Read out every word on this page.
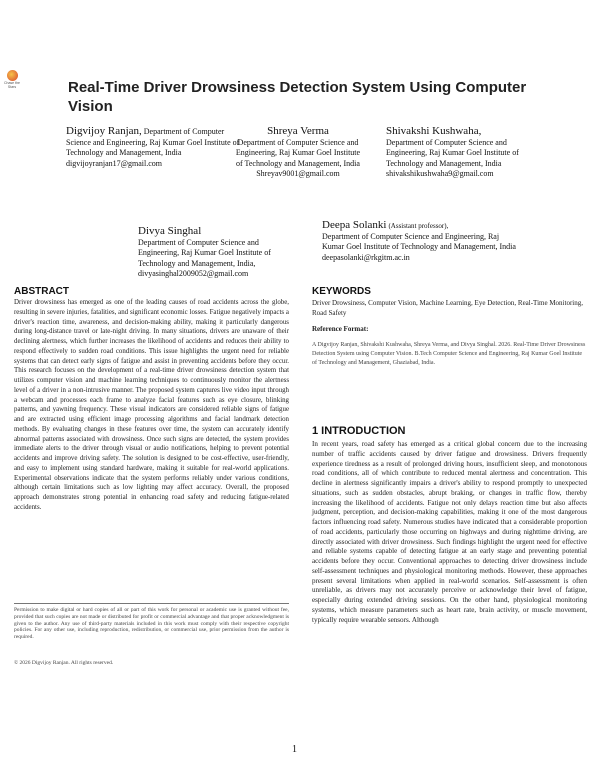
Chase the Stars	Real-Time Driver Drowsiness Detection System Using Computer Vision
Digvijoy Ranjan, Department of Computer Science and Engineering, Raj Kumar Goel Institute of Technology and Management, India
digvijoyranjan17@gmail.com
Shreya Verma
Department of Computer Science and Engineering, Raj Kumar Goel Institute of Technology and Management, India
Shreyav9001@gmail.com
Shivakshi Kushwaha,
Department of Computer Science and Engineering, Raj Kumar Goel Institute of Technology and Management, India
shivakshikushwaha9@gmail.com
Divya Singhal
Department of Computer Science and Engineering, Raj Kumar Goel Institute of Technology and Management, India,
divyasinghal2009052@gmail.com
Deepa Solanki (Assistant professor),
Department of Computer Science and Engineering, Raj Kumar Goel Institute of Technology and Management, India
deepasolanki@rkgitm.ac.in
ABSTRACT
Driver drowsiness has emerged as one of the leading causes of road accidents across the globe, resulting in severe injuries, fatalities, and significant economic losses. Fatigue negatively impacts a driver's reaction time, awareness, and decision-making ability, making it particularly dangerous during long-distance travel or late-night driving. In many situations, drivers are unaware of their declining alertness, which further increases the likelihood of accidents and reduces their ability to respond effectively to sudden road conditions. This issue highlights the urgent need for reliable systems that can detect early signs of fatigue and assist in preventing accidents before they occur. This research focuses on the development of a real-time driver drowsiness detection system that utilizes computer vision and machine learning techniques to continuously monitor the alertness level of a driver in a non-intrusive manner. The proposed system captures live video input through a webcam and processes each frame to analyze facial features such as eye closure, blinking patterns, and yawning frequency. These visual indicators are considered reliable signs of fatigue and are extracted using efficient image processing algorithms and facial landmark detection methods. By evaluating changes in these features over time, the system can accurately identify abnormal patterns associated with drowsiness. Once such signs are detected, the system provides immediate alerts to the driver through visual or audio notifications, helping to prevent potential accidents and improve driving safety. The solution is designed to be cost-effective, user-friendly, and easy to implement using standard hardware, making it suitable for real-world applications. Experimental observations indicate that the system performs reliably under various conditions, although certain limitations such as low lighting may affect accuracy. Overall, the proposed approach demonstrates strong potential in enhancing road safety and reducing fatigue-related accidents.
Permission to make digital or hard copies of all or part of this work for personal or academic use is granted without fee, provided that such copies are not made or distributed for profit or commercial advantage and that proper acknowledgment is given to the author. Any use of third-party materials included in this work must comply with their respective copyright policies. For any other use, including reproduction, redistribution, or commercial use, prior permission from the author is required.
© 2026 Digvijoy Ranjan. All rights reserved.
KEYWORDS
Driver Drowsiness, Computer Vision, Machine Learning, Eye Detection, Real-Time Monitoring, Road Safety
Reference Format:
A Digvijoy Ranjan, Shivakshi Kushwaha, Shreya Verma, and Divya Singhal. 2026. Real-Time Driver Drowsiness Detection System using Computer Vision. B.Tech Computer Science and Engineering, Raj Kumar Goel Institute of Technology and Management, Ghaziabad, India.
1 INTRODUCTION
In recent years, road safety has emerged as a critical global concern due to the increasing number of traffic accidents caused by driver fatigue and drowsiness. Drivers frequently experience tiredness as a result of prolonged driving hours, insufficient sleep, and monotonous road conditions, all of which contribute to reduced mental alertness and concentration. This decline in alertness significantly impairs a driver's ability to respond promptly to unexpected situations, such as sudden obstacles, abrupt braking, or changes in traffic flow, thereby increasing the likelihood of accidents. Fatigue not only delays reaction time but also affects judgment, perception, and decision-making capabilities, making it one of the most dangerous factors influencing road safety. Numerous studies have indicated that a considerable proportion of road accidents, particularly those occurring on highways and during nighttime driving, are directly associated with driver drowsiness. Such findings highlight the urgent need for effective and reliable systems capable of detecting fatigue at an early stage and preventing potential accidents before they occur. Conventional approaches to detecting driver drowsiness include self-assessment techniques and physiological monitoring methods. However, these approaches present several limitations when applied in real-world scenarios. Self-assessment is often unreliable, as drivers may not accurately perceive or acknowledge their level of fatigue, especially during extended driving sessions. On the other hand, physiological monitoring systems, which measure parameters such as heart rate, brain activity, or muscle movement, typically require wearable sensors. Although
1
